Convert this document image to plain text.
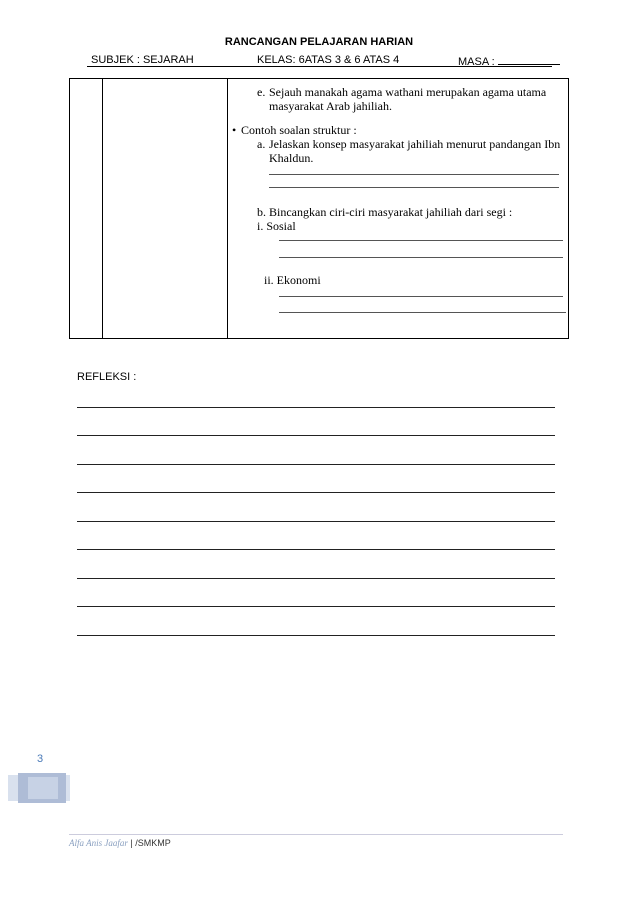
RANCANGAN PELAJARAN HARIAN
SUBJEK : SEJARAH	KELAS: 6ATAS 3 & 6 ATAS 4	MASA :
e. Sejauh manakah agama wathani merupakan agama utama
masyarakat Arab jahiliah.
• Contoh soalan struktur :
a. Jelaskan konsep masyarakat jahiliah menurut pandangan Ibn
Khaldun.
b. Bincangkan ciri-ciri masyarakat jahiliah dari segi :
i. Sosial
ii. Ekonomi
REFLEKSI :
3
Alfa Anis Jaafar | /SMKMP
